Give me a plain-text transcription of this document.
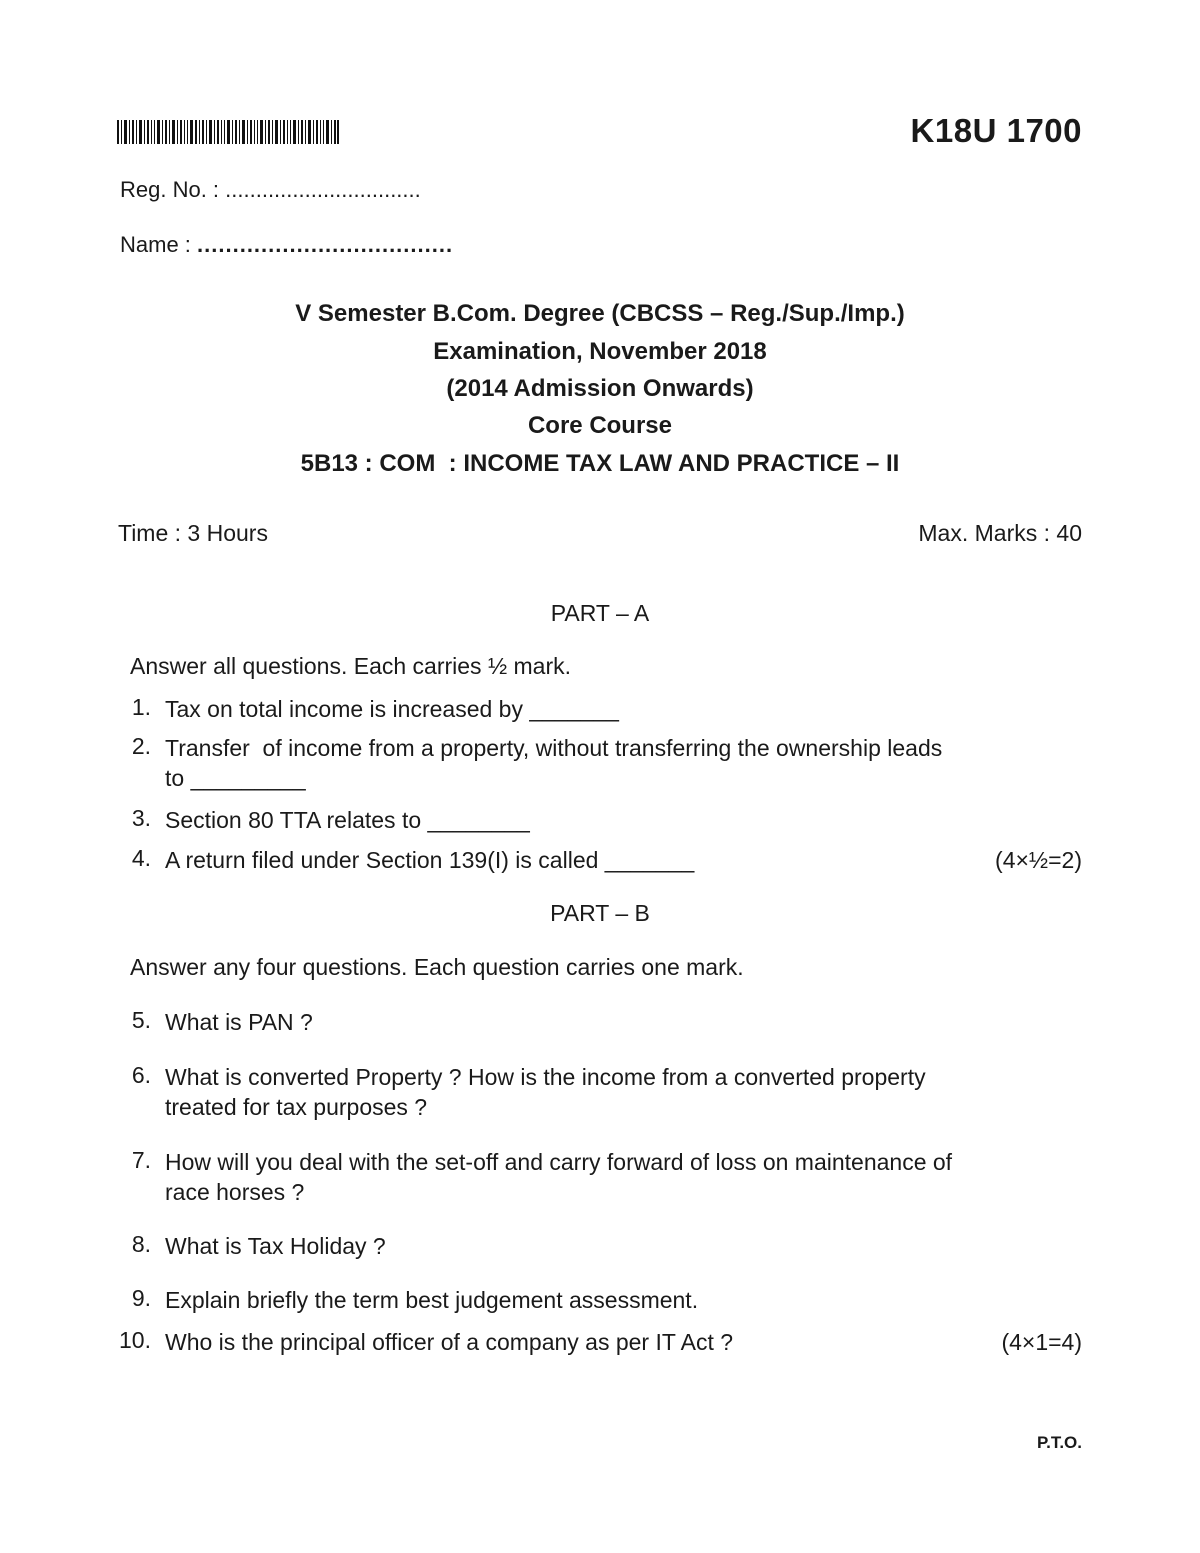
K18U 1700
Reg. No. : ................................
Name : ....................................
V Semester B.Com. Degree (CBCSS – Reg./Sup./Imp.)
Examination, November 2018
(2014 Admission Onwards)
Core Course
5B13 : COM  : INCOME TAX LAW AND PRACTICE – II
Time : 3 Hours	Max. Marks : 40
PART – A
Answer all questions. Each carries ½ mark.
1. Tax on total income is increased by _______
2. Transfer  of income from a property, without transferring the ownership leads
to _________
3. Section 80 TTA relates to ________
4. A return filed under Section 139(I) is called _______	(4×½=2)
PART – B
Answer any four questions. Each question carries one mark.
5. What is PAN ?
6. What is converted Property ? How is the income from a converted property
treated for tax purposes ?
7. How will you deal with the set-off and carry forward of loss on maintenance of
race horses ?
8. What is Tax Holiday ?
9. Explain briefly the term best judgement assessment.
10. Who is the principal officer of a company as per IT Act ?	(4×1=4)
P.T.O.
